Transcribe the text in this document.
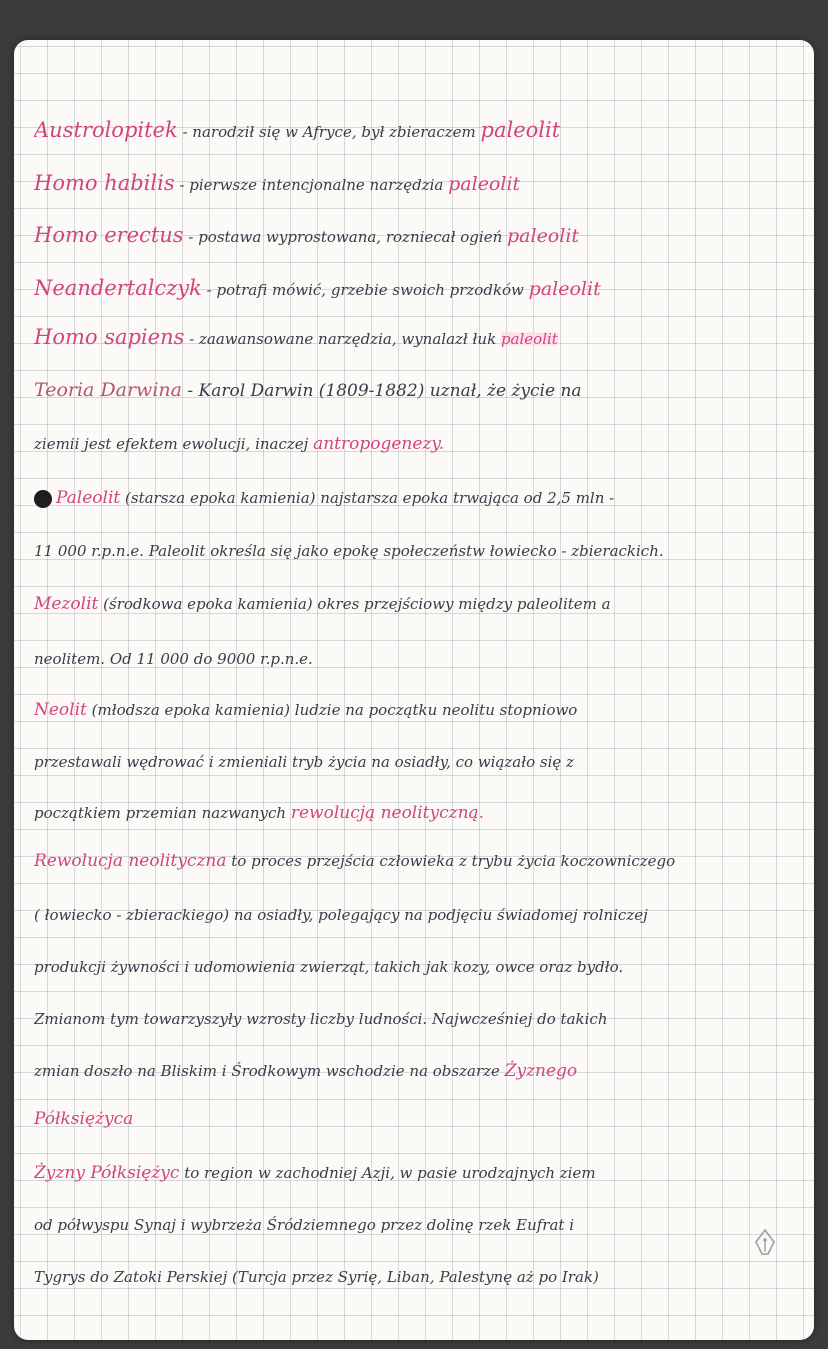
Austrolopitek - narodził się w Afryce, był zbieraczem paleolit
Homo habilis - pierwsze intencjonalne narzędzia paleolit
Homo erectus - postawa wyprostowana, rozniecał ogień paleolit
Neandertalczyk - potrafi mówić, grzebie swoich przodków paleolit
Homo sapiens - zaawansowane narzędzia, wynalazł łuk paleolit
Teoria Darwina - Karol Darwin (1809-1882) uznał, że życie na
ziemii jest efektem ewolucji, inaczej antropogenezy.
Paleolit (starsza epoka kamienia) najstarsza epoka trwająca od 2,5 mln -
11 000 r.p.n.e. Paleolit określa się jako epokę społeczeństw łowiecko - zbierackich.
Mezolit (środkowa epoka kamienia) okres przejściowy między paleolitem a
neolitem. Od 11 000 do 9000 r.p.n.e.
Neolit (młodsza epoka kamienia) ludzie na początku neolitu stopniowo
przestawali wędrować i zmieniali tryb życia na osiadły, co wiązało się z
początkiem przemian nazwanych rewolucją neolityczną.
Rewolucja neolityczna to proces przejścia człowieka z trybu życia koczowniczego
( łowiecko - zbierackiego) na osiadły, polegający na podjęciu świadomej rolniczej
produkcji żywności i udomowienia zwierząt, takich jak kozy, owce oraz bydło.
Zmianom tym towarzyszyły wzrosty liczby ludności. Najwcześniej do takich
zmian doszło na Bliskim i Środkowym wschodzie na obszarze Żyznego
Półksiężyca
Żyzny Półksiężyc to region w zachodniej Azji, w pasie urodzajnych ziem
od półwyspu Synaj i wybrzeża Śródziemnego przez dolinę rzek Eufrat i
Tygrys do Zatoki Perskiej (Turcja przez Syrię, Liban, Palestynę aż po Irak)
